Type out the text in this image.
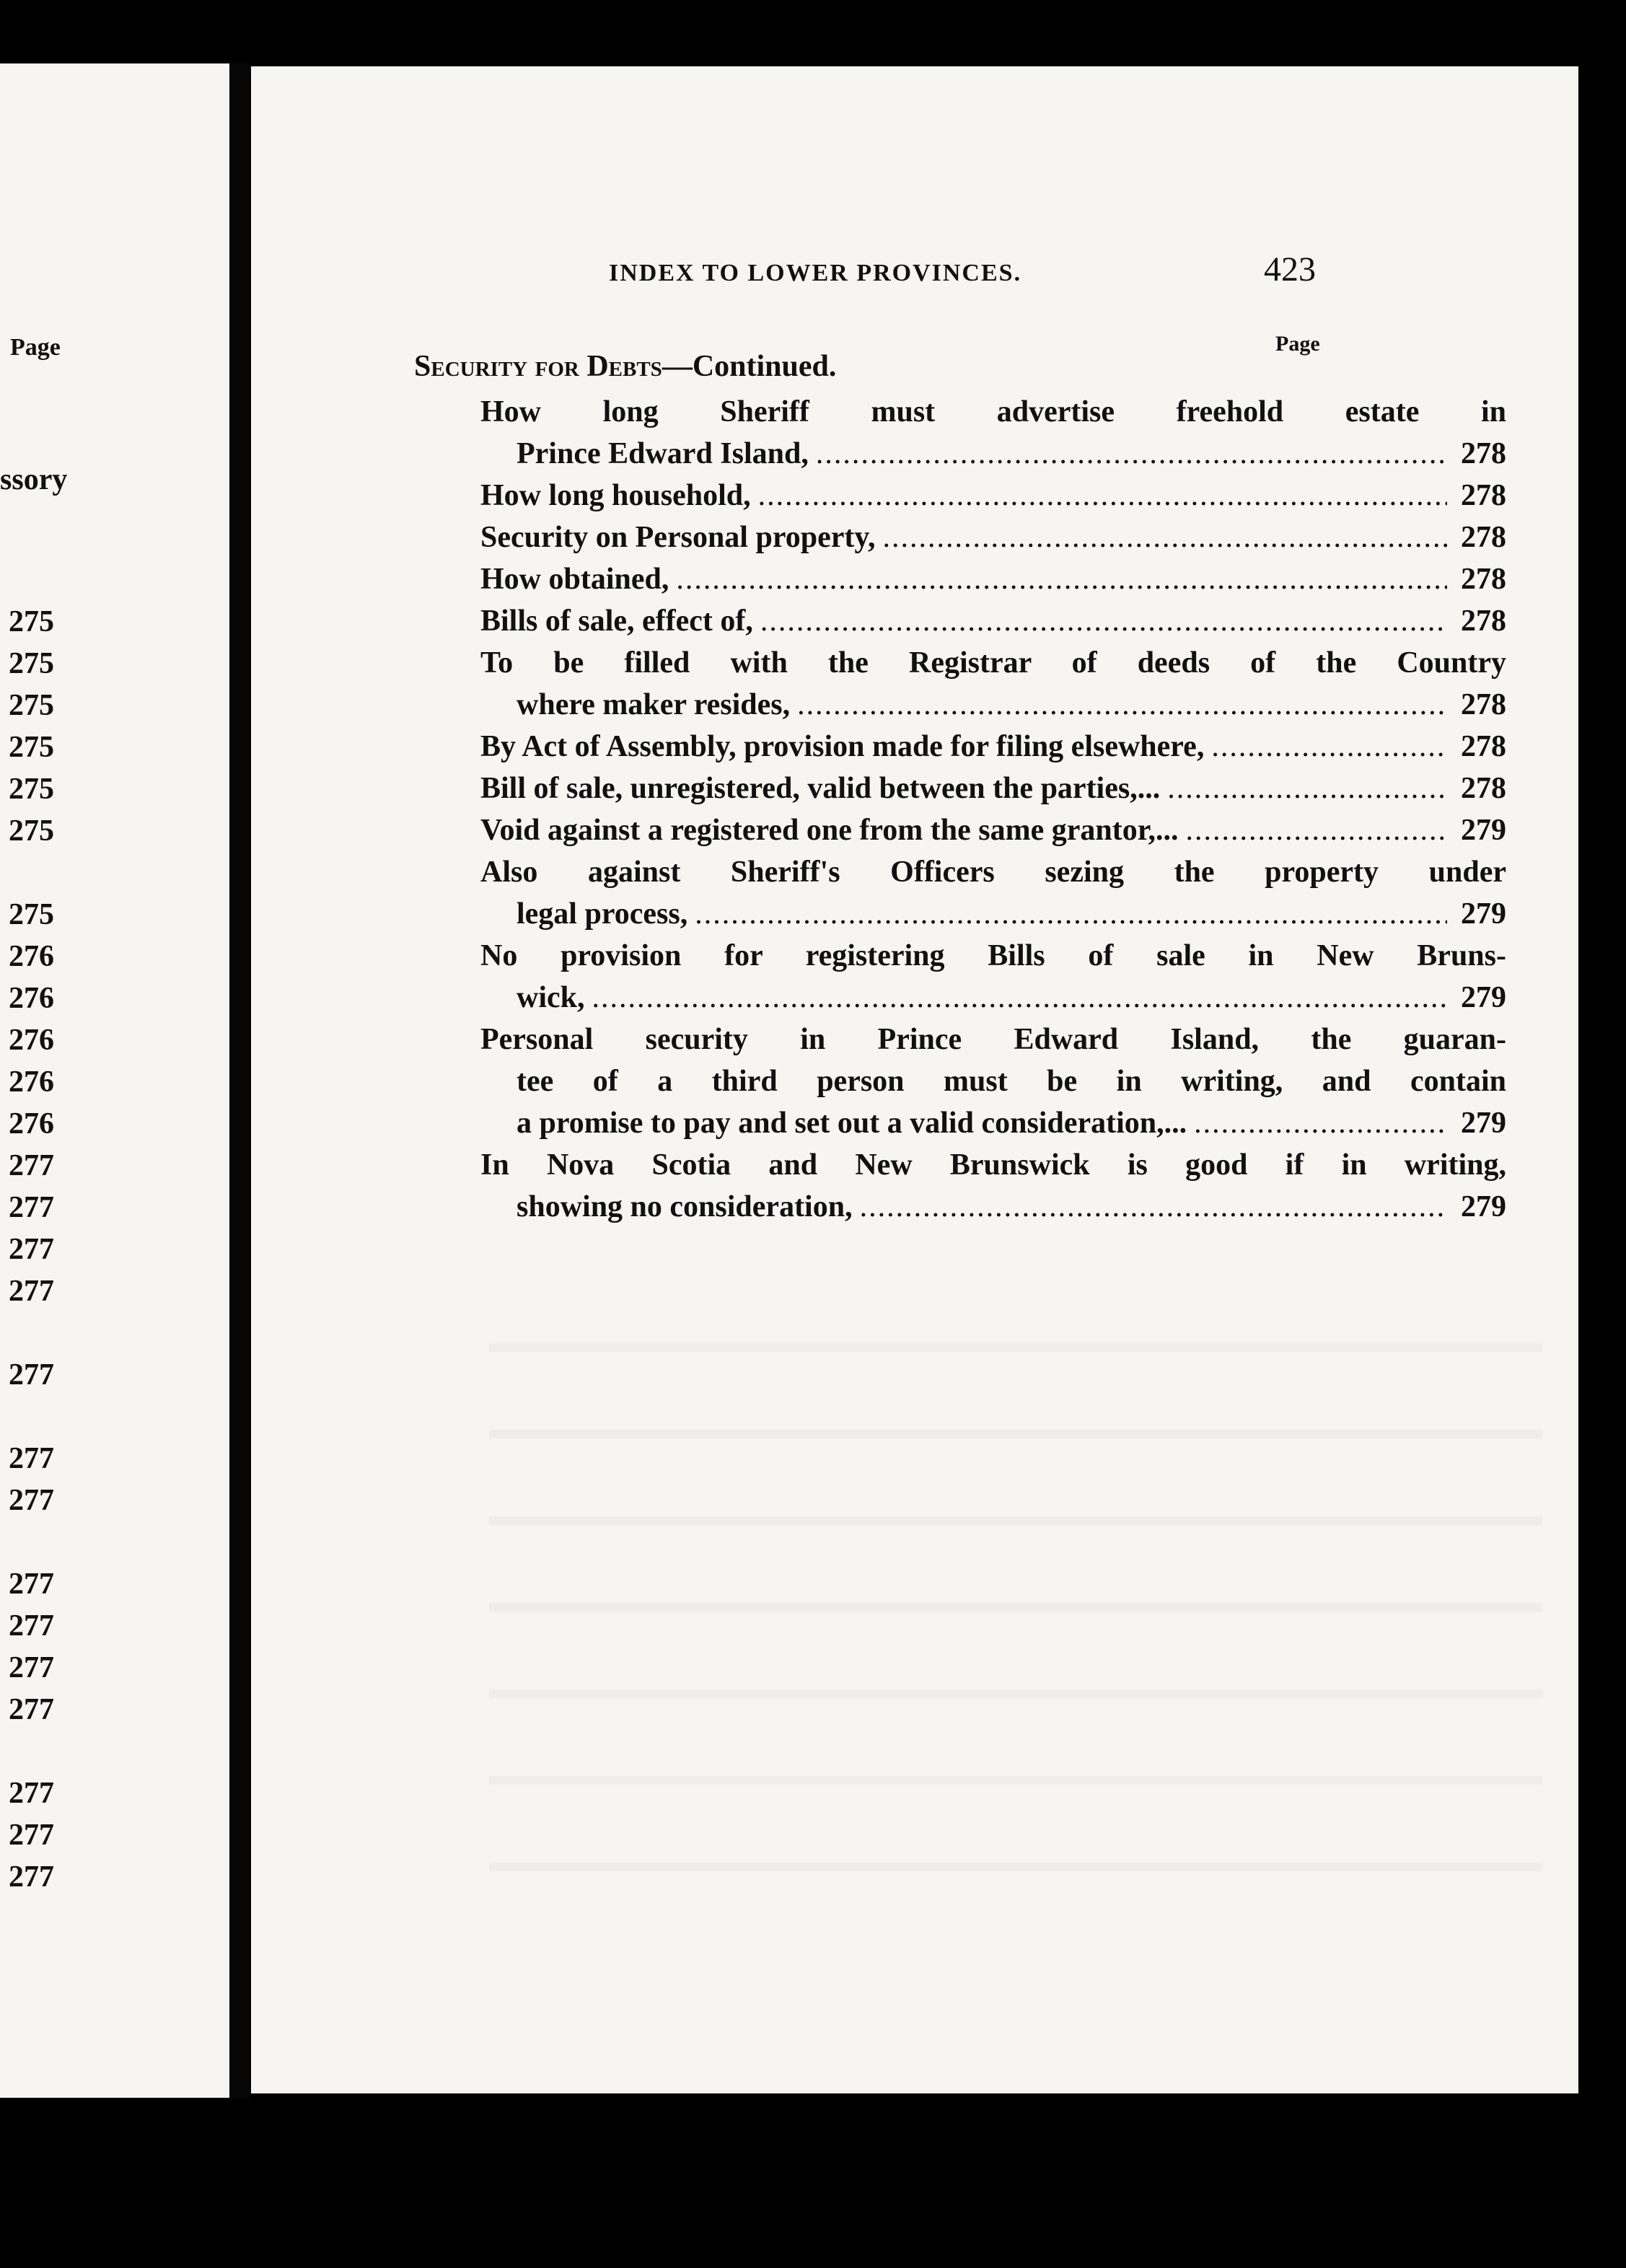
Page
ssory
275
275
275
275
275
275
275
276
276
276
276
276
277
277
277
277
277
277
277
277
277
277
277
277
277
277
INDEX TO LOWER PROVINCES.	423
Page
Security for Debts—Continued.
How long Sheriff must advertise freehold estate in
Prince Edward Island, .....	278
How long household, .....	278
Security on Personal property, .....	278
How obtained, .....	278
Bills of sale, effect of, .....	278
To be filled with the Registrar of deeds of the Country
where maker resides, .....	278
By Act of Assembly, provision made for filing elsewhere, .....	278
Bill of sale, unregistered, valid between the parties,... .....	278
Void against a registered one from the same grantor,... .....	279
Also against Sheriff's Officers sezing the property under
legal process, .....	279
No provision for registering Bills of sale in New Bruns-
wick, .....	279
Personal security in Prince Edward Island, the guaran-
tee of a third person must be in writing, and contain
a promise to pay and set out a valid consideration,... .....	279
In Nova Scotia and New Brunswick is good if in writing,
showing no consideration, .....	279
